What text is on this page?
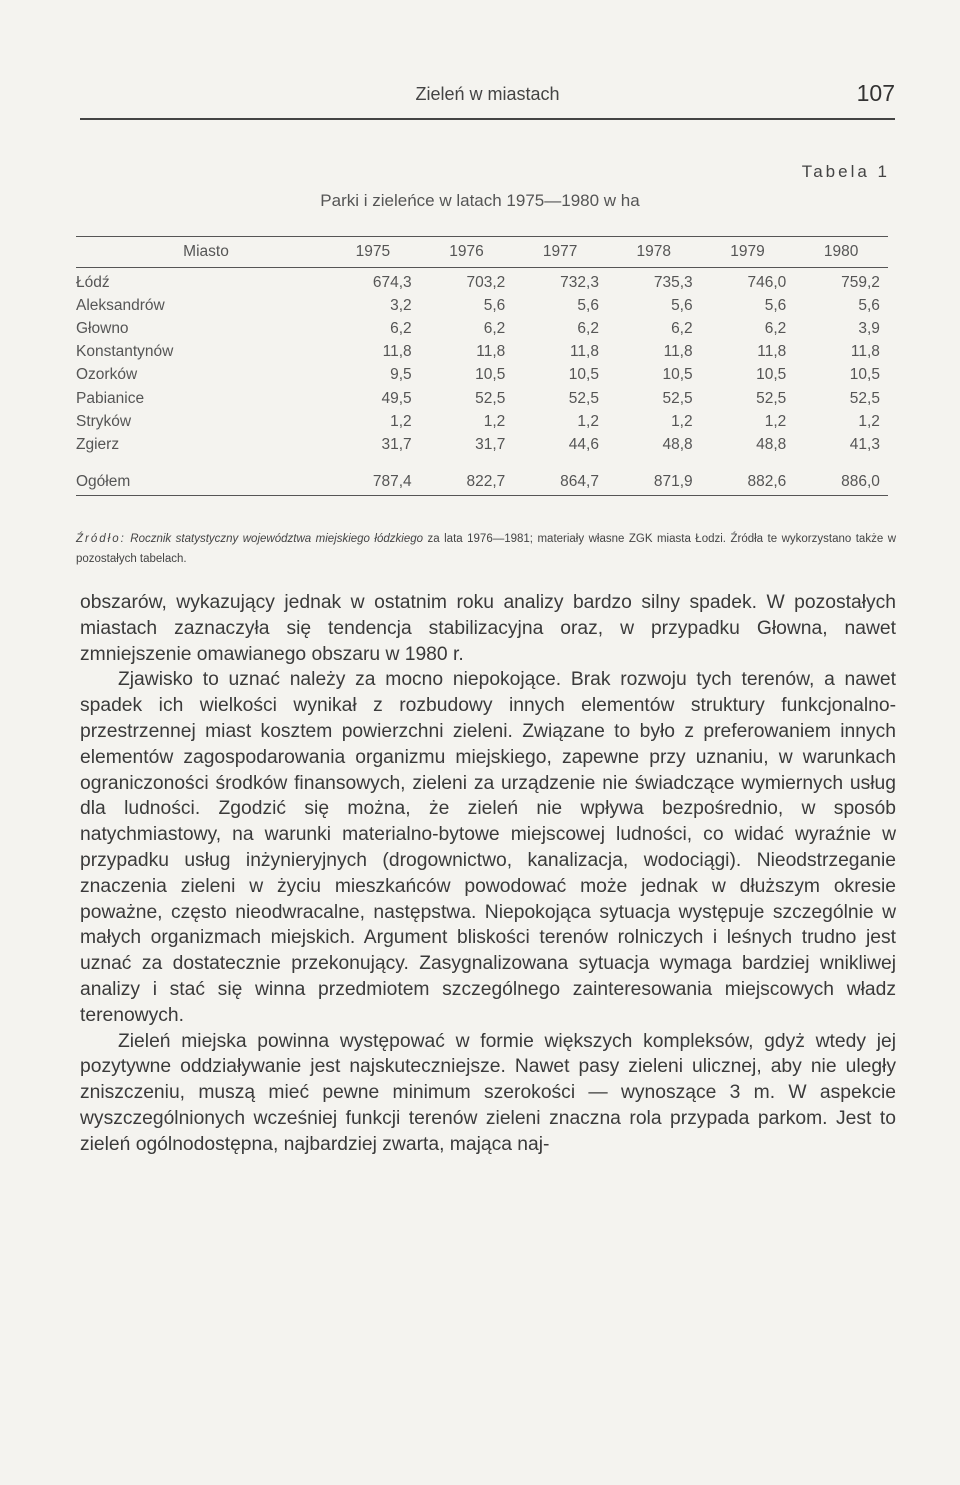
Zieleń w miastach	107
Tabela 1
Parki i zieleńce w latach 1975—1980 w ha
Miasto	1975	1976	1977	1978	1979	1980
Łódź	674,3	703,2	732,3	735,3	746,0	759,2
Aleksandrów	3,2	5,6	5,6	5,6	5,6	5,6
Głowno	6,2	6,2	6,2	6,2	6,2	3,9
Konstantynów	11,8	11,8	11,8	11,8	11,8	11,8
Ozorków	9,5	10,5	10,5	10,5	10,5	10,5
Pabianice	49,5	52,5	52,5	52,5	52,5	52,5
Stryków	1,2	1,2	1,2	1,2	1,2	1,2
Zgierz	31,7	31,7	44,6	48,8	48,8	41,3
Ogółem	787,4	822,7	864,7	871,9	882,6	886,0
Źródło: Rocznik statystyczny województwa miejskiego łódzkiego za lata 1976—1981; materiały własne ZGK miasta Łodzi. Źródła te wykorzystano także w pozostałych tabelach.

obszarów, wykazujący jednak w ostatnim roku analizy bardzo silny spadek. W pozostałych miastach zaznaczyła się tendencja stabilizacyjna oraz, w przypadku Głowna, nawet zmniejszenie omawianego obszaru w 1980 r.

Zjawisko to uznać należy za mocno niepokojące. Brak rozwoju tych terenów, a nawet spadek ich wielkości wynikał z rozbudowy innych elementów struktury funkcjonalno-przestrzennej miast kosztem powierzchni zieleni. Związane to było z preferowaniem innych elementów zagospodarowania organizmu miejskiego, zapewne przy uznaniu, w warunkach ograniczoności środków finansowych, zieleni za urządzenie nie świadczące wymiernych usług dla ludności. Zgodzić się można, że zieleń nie wpływa bezpośrednio, w sposób natychmiastowy, na warunki materialno-bytowe miejscowej ludności, co widać wyraźnie w przypadku usług inżynieryjnych (drogownictwo, kanalizacja, wodociągi). Nieodstrzeganie znaczenia zieleni w życiu mieszkańców powodować może jednak w dłuższym okresie poważne, często nieodwracalne, następstwa. Niepokojąca sytuacja występuje szczególnie w małych organizmach miejskich. Argument bliskości terenów rolniczych i leśnych trudno jest uznać za dostatecznie przekonujący. Zasygnalizowana sytuacja wymaga bardziej wnikliwej analizy i stać się winna przedmiotem szczególnego zainteresowania miejscowych władz terenowych.

Zieleń miejska powinna występować w formie większych kompleksów, gdyż wtedy jej pozytywne oddziaływanie jest najskuteczniejsze. Nawet pasy zieleni ulicznej, aby nie uległy zniszczeniu, muszą mieć pewne minimum szerokości — wynoszące 3 m. W aspekcie wyszczególnionych wcześniej funkcji terenów zieleni znaczna rola przypada parkom. Jest to zieleń ogólnodostępna, najbardziej zwarta, mająca naj-
